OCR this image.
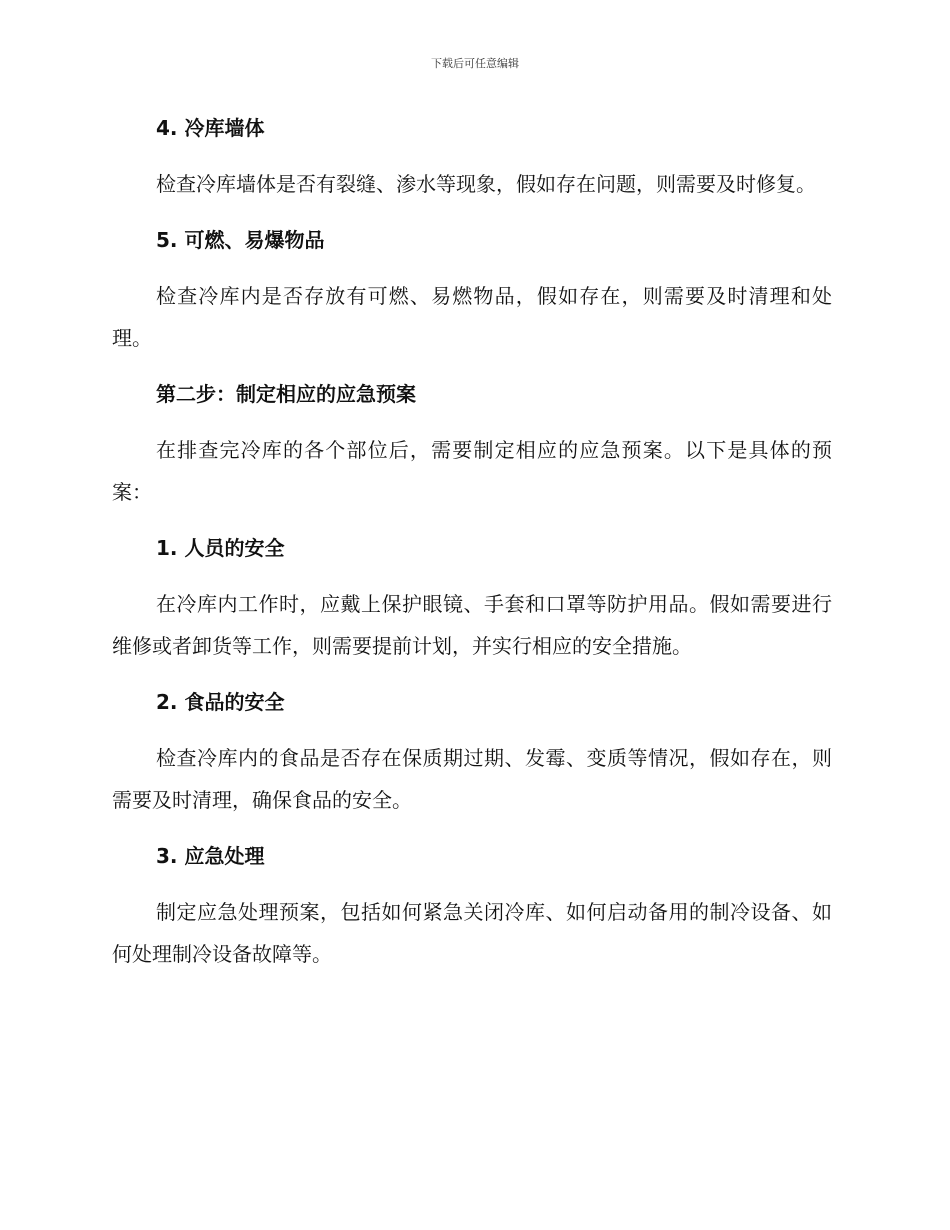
下载后可任意编辑
4. 冷库墙体

检查冷库墙体是否有裂缝、渗水等现象，假如存在问题，则需要及时修复。

5. 可燃、易爆物品

检查冷库内是否存放有可燃、易燃物品，假如存在，则需要及时清理和处理。

第二步：制定相应的应急预案

在排查完冷库的各个部位后，需要制定相应的应急预案。以下是具体的预案：

1. 人员的安全

在冷库内工作时，应戴上保护眼镜、手套和口罩等防护用品。假如需要进行维修或者卸货等工作，则需要提前计划，并实行相应的安全措施。

2. 食品的安全

检查冷库内的食品是否存在保质期过期、发霉、变质等情况，假如存在，则需要及时清理，确保食品的安全。

3. 应急处理

制定应急处理预案，包括如何紧急关闭冷库、如何启动备用的制冷设备、如何处理制冷设备故障等。
